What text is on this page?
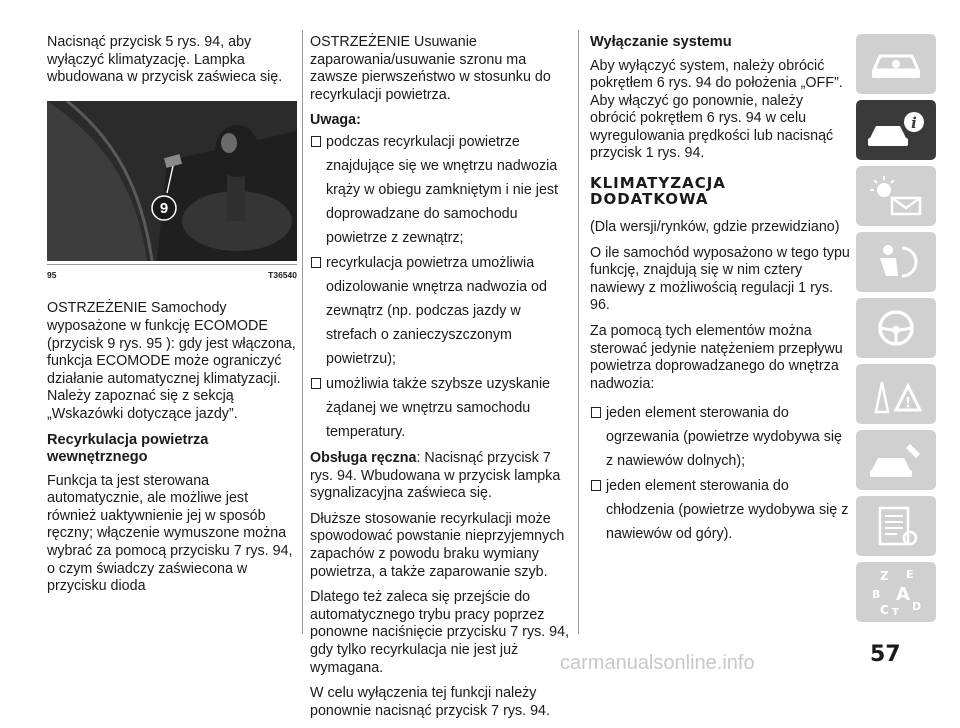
Nacisnąć przycisk 5 rys. 94, aby wyłączyć klimatyzację. Lampka wbudowana w przycisk zaświeca się.

9
95	T36540

OSTRZEŻENIE Samochody wyposażone w funkcję ECOMODE (przycisk 9 rys. 95 ): gdy jest włączona, funkcja ECOMODE może ograniczyć działanie automatycznej klimatyzacji. Należy zapoznać się z sekcją „Wskazówki dotyczące jazdy”.

Recyrkulacja powietrza wewnętrznego

Funkcja ta jest sterowana automatycznie, ale możliwe jest również uaktywnienie jej w sposób ręczny; włączenie wymuszone można wybrać za pomocą przycisku 7 rys. 94, o czym świadczy zaświecona w przycisku dioda

OSTRZEŻENIE Usuwanie zaparowania/usuwanie szronu ma zawsze pierwszeństwo w stosunku do recyrkulacji powietrza.

Uwaga:
podczas recyrkulacji powietrze znajdujące się we wnętrzu nadwozia krąży w obiegu zamkniętym i nie jest doprowadzane do samochodu powietrze z zewnątrz;
recyrkulacja powietrza umożliwia odizolowanie wnętrza nadwozia od zewnątrz (np. podczas jazdy w strefach o zanieczyszczonym powietrzu);
umożliwia także szybsze uzyskanie żądanej we wnętrzu samochodu temperatury.

Obsługa ręczna: Nacisnąć przycisk 7 rys. 94. Wbudowana w przycisk lampka sygnalizacyjna zaświeca się.

Dłuższe stosowanie recyrkulacji może spowodować powstanie nieprzyjemnych zapachów z powodu braku wymiany powietrza, a także zaparowanie szyb.

Dlatego też zaleca się przejście do automatycznego trybu pracy poprzez ponowne naciśnięcie przycisku 7 rys. 94, gdy tylko recyrkulacja nie jest już wymagana.

W celu wyłączenia tej funkcji należy ponownie nacisnąć przycisk 7 rys. 94.

Wyłączanie systemu

Aby wyłączyć system, należy obrócić pokrętłem 6 rys. 94 do położenia „OFF”. Aby włączyć go ponownie, należy obrócić pokrętłem 6 rys. 94 w celu wyregulowania prędkości lub nacisnąć przycisk 1 rys. 94.

KLIMATYZACJA DODATKOWA

(Dla wersji/rynków, gdzie przewidziano)

O ile samochód wyposażono w tego typu funkcję, znajdują się w nim cztery nawiewy z możliwością regulacji 1 rys. 96.

Za pomocą tych elementów można sterować jedynie natężeniem przepływu powietrza doprowadzanego do wnętrza nadwozia:

jeden element sterowania do ogrzewania (powietrze wydobywa się z nawiewów dolnych);
jeden element sterowania do chłodzenia (powietrze wydobywa się z nawiewów od góry).
i
!
Z E
B A
C T D
carmanualsonline.info	57
